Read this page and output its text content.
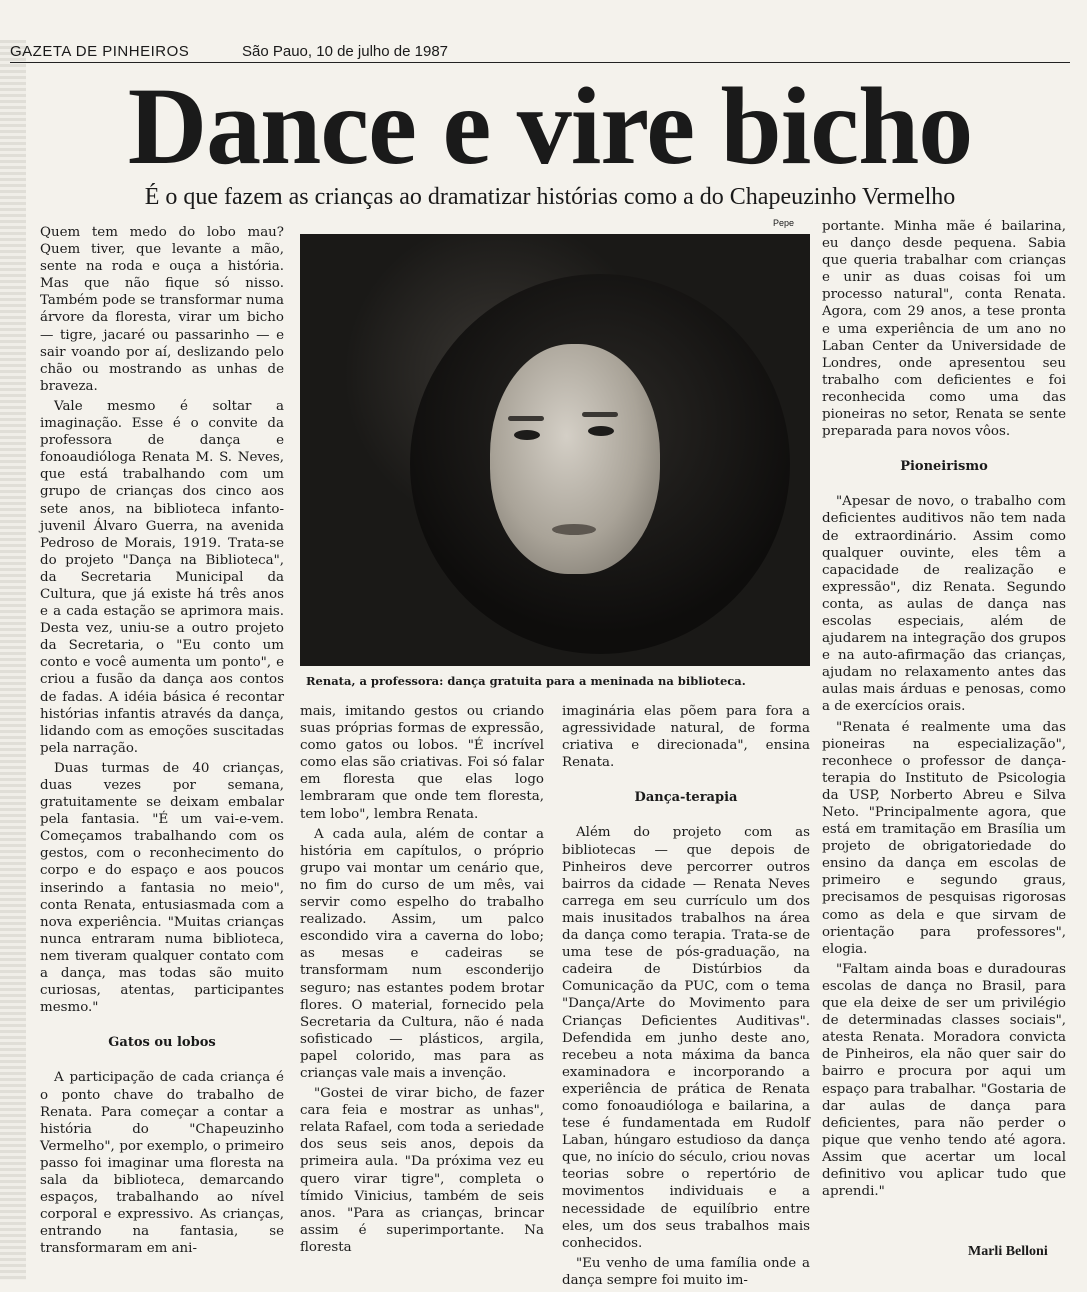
GAZETA DE PINHEIROS	São Pauo, 10 de julho de 1987
Dance e vire bicho
É o que fazem as crianças ao dramatizar histórias como a do Chapeuzinho Vermelho

Quem tem medo do lobo mau? Quem tiver, que levante a mão, sente na roda e ouça a história. Mas que não fique só nisso. Também pode se transformar numa árvore da floresta, virar um bicho — tigre, jacaré ou passarinho — e sair voando por aí, deslizando pelo chão ou mostrando as unhas de braveza.

Vale mesmo é soltar a imaginação. Esse é o convite da professora de dança e fonoaudióloga Renata M. S. Neves, que está trabalhando com um grupo de crianças dos cinco aos sete anos, na biblioteca infanto-juvenil Álvaro Guerra, na avenida Pedroso de Morais, 1919. Trata-se do projeto "Dança na Biblioteca", da Secretaria Municipal da Cultura, que já existe há três anos e a cada estação se aprimora mais. Desta vez, uniu-se a outro projeto da Secretaria, o "Eu conto um conto e você aumenta um ponto", e criou a fusão da dança aos contos de fadas. A idéia básica é recontar histórias infantis através da dança, lidando com as emoções suscitadas pela narração.

Duas turmas de 40 crianças, duas vezes por semana, gratuitamente se deixam embalar pela fantasia. "É um vai-e-vem. Começamos trabalhando com os gestos, com o reconhecimento do corpo e do espaço e aos poucos inserindo a fantasia no meio", conta Renata, entusiasmada com a nova experiência. "Muitas crianças nunca entraram numa biblioteca, nem tiveram qualquer contato com a dança, mas todas são muito curiosas, atentas, participantes mesmo."

Gatos ou lobos

A participação de cada criança é o ponto chave do trabalho de Renata. Para começar a contar a história do "Chapeuzinho Vermelho", por exemplo, o primeiro passo foi imaginar uma floresta na sala da biblioteca, demarcando espaços, trabalhando ao nível corporal e expressivo. As crianças, entrando na fantasia, se transformaram em ani-

Pepe
Renata, a professora: dança gratuita para a meninada na biblioteca.

mais, imitando gestos ou criando suas próprias formas de expressão, como gatos ou lobos. "É incrível como elas são criativas. Foi só falar em floresta que elas logo lembraram que onde tem floresta, tem lobo", lembra Renata.

A cada aula, além de contar a história em capítulos, o próprio grupo vai montar um cenário que, no fim do curso de um mês, vai servir como espelho do trabalho realizado. Assim, um palco escondido vira a caverna do lobo; as mesas e cadeiras se transformam num esconderijo seguro; nas estantes podem brotar flores. O material, fornecido pela Secretaria da Cultura, não é nada sofisticado — plásticos, argila, papel colorido, mas para as crianças vale mais a invenção.

"Gostei de virar bicho, de fazer cara feia e mostrar as unhas", relata Rafael, com toda a seriedade dos seus seis anos, depois da primeira aula. "Da próxima vez eu quero virar tigre", completa o tímido Vinicius, também de seis anos. "Para as crianças, brincar assim é superimportante. Na floresta

imaginária elas põem para fora a agressividade natural, de forma criativa e direcionada", ensina Renata.

Dança-terapia

Além do projeto com as bibliotecas — que depois de Pinheiros deve percorrer outros bairros da cidade — Renata Neves carrega em seu currículo um dos mais inusitados trabalhos na área da dança como terapia. Trata-se de uma tese de pós-graduação, na cadeira de Distúrbios da Comunicação da PUC, com o tema "Dança/Arte do Movimento para Crianças Deficientes Auditivas". Defendida em junho deste ano, recebeu a nota máxima da banca examinadora e incorporando a experiência de prática de Renata como fonoaudióloga e bailarina, a tese é fundamentada em Rudolf Laban, húngaro estudioso da dança que, no início do século, criou novas teorias sobre o repertório de movimentos individuais e a necessidade de equilíbrio entre eles, um dos seus trabalhos mais conhecidos.

"Eu venho de uma família onde a dança sempre foi muito im-

portante. Minha mãe é bailarina, eu danço desde pequena. Sabia que queria trabalhar com crianças e unir as duas coisas foi um processo natural", conta Renata. Agora, com 29 anos, a tese pronta e uma experiência de um ano no Laban Center da Universidade de Londres, onde apresentou seu trabalho com deficientes e foi reconhecida como uma das pioneiras no setor, Renata se sente preparada para novos vôos.

Pioneirismo

"Apesar de novo, o trabalho com deficientes auditivos não tem nada de extraordinário. Assim como qualquer ouvinte, eles têm a capacidade de realização e expressão", diz Renata. Segundo conta, as aulas de dança nas escolas especiais, além de ajudarem na integração dos grupos e na auto-afirmação das crianças, ajudam no relaxamento antes das aulas mais árduas e penosas, como a de exercícios orais.

"Renata é realmente uma das pioneiras na especialização", reconhece o professor de dança-terapia do Instituto de Psicologia da USP, Norberto Abreu e Silva Neto. "Principalmente agora, que está em tramitação em Brasília um projeto de obrigatoriedade do ensino da dança em escolas de primeiro e segundo graus, precisamos de pesquisas rigorosas como as dela e que sirvam de orientação para professores", elogia.

"Faltam ainda boas e duradouras escolas de dança no Brasil, para que ela deixe de ser um privilégio de determinadas classes sociais", atesta Renata. Moradora convicta de Pinheiros, ela não quer sair do bairro e procura por aqui um espaço para trabalhar. "Gostaria de dar aulas de dança para deficientes, para não perder o pique que venho tendo até agora. Assim que acertar um local definitivo vou aplicar tudo que aprendi."

Marli Belloni
